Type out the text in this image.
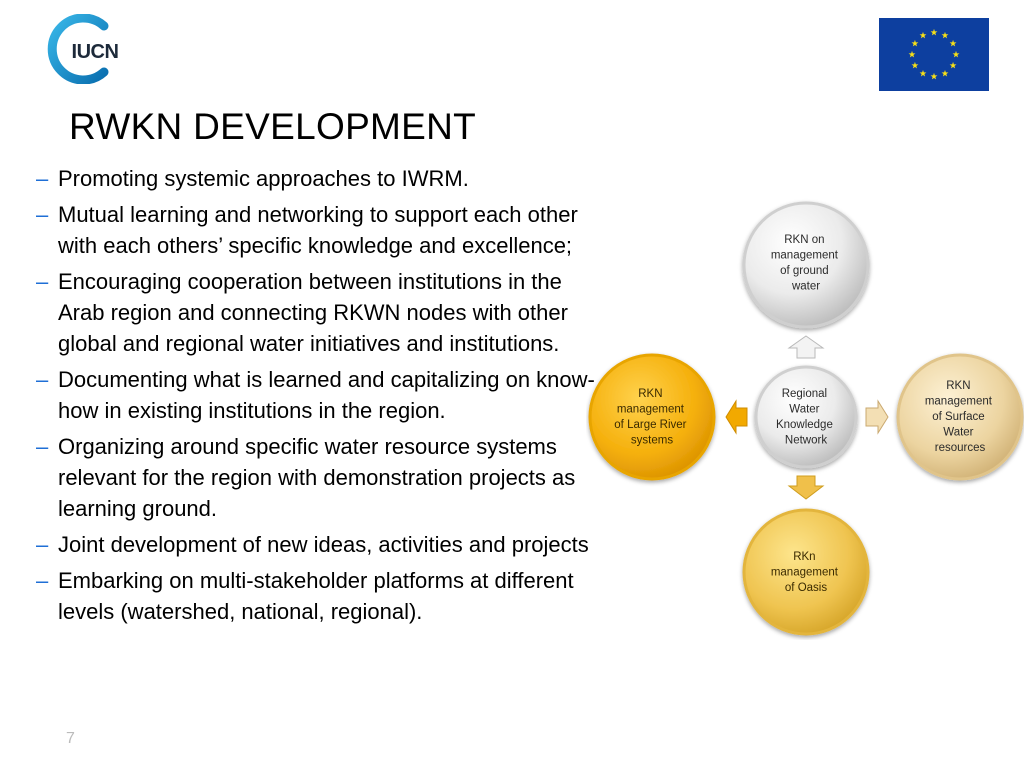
IUCN
RWKN DEVELOPMENT
– Promoting systemic approaches to IWRM.
– Mutual learning and networking to support each other with each others’ specific knowledge and excellence;
– Encouraging cooperation between institutions in the Arab region and connecting RKWN nodes with other global and regional water initiatives and institutions.
– Documenting what is learned and capitalizing on know-how in existing institutions in the region.
– Organizing around specific water resource systems relevant for the region with demonstration projects as learning ground.
– Joint development of new ideas, activities and projects
– Embarking on multi-stakeholder platforms at different levels (watershed, national, regional).
RKN on management of ground water
Regional Water Knowledge Network
RKN management of Large River systems
RKN management of Surface Water resources
RKn management of Oasis
7
